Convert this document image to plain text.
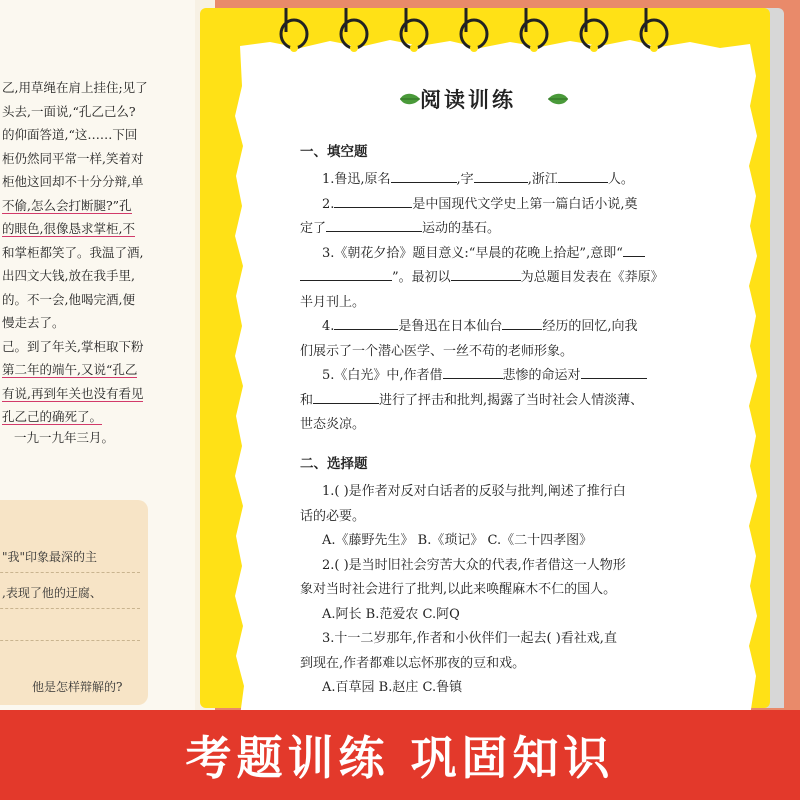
乙,用草绳在肩上挂住;见了
头去,一面说,“孔乙己么?
的仰面答道,“这……下回
柜仍然同平常一样,笑着对
柜他这回却不十分分辩,单
不偷,怎么会打断腿?”孔
的眼色,很像恳求掌柜,不
和掌柜都笑了。我温了酒,
出四文大钱,放在我手里,
的。不一会,他喝完酒,便
慢走去了。
己。到了年关,掌柜取下粉
第二年的端午,又说“孔乙
有说,再到年关也没有看见
孔乙己的确死了。
一九一九年三月。
"我"印象最深的主
,表现了他的迂腐、
他是怎样辩解的?
阅读训练
一、填空题
1.鲁迅,原名	,字	,浙江	人。
2.	是中国现代文学史上第一篇白话小说,奠
定了	运动的基石。
3.《朝花夕拾》题目意义:“早晨的花晚上拾起”,意即“
”。最初以	为总题目发表在《莽原》
半月刊上。
4.	是鲁迅在日本仙台	经历的回忆,向我
们展示了一个潜心医学、一丝不苟的老师形象。
5.《白光》中,作者借	悲惨的命运对
和	进行了抨击和批判,揭露了当时社会人情淡薄、
世态炎凉。
二、选择题
1.( )是作者对反对白话者的反驳与批判,阐述了推行白
话的必要。
A.《藤野先生》 B.《琐记》 C.《二十四孝图》
2.( )是当时旧社会穷苦大众的代表,作者借这一人物形
象对当时社会进行了批判,以此来唤醒麻木不仁的国人。
A.阿长 B.范爱农 C.阿Q
3.十一二岁那年,作者和小伙伴们一起去( )看社戏,直
到现在,作者都难以忘怀那夜的豆和戏。
A.百草园 B.赵庄 C.鲁镇
考题训练 巩固知识
